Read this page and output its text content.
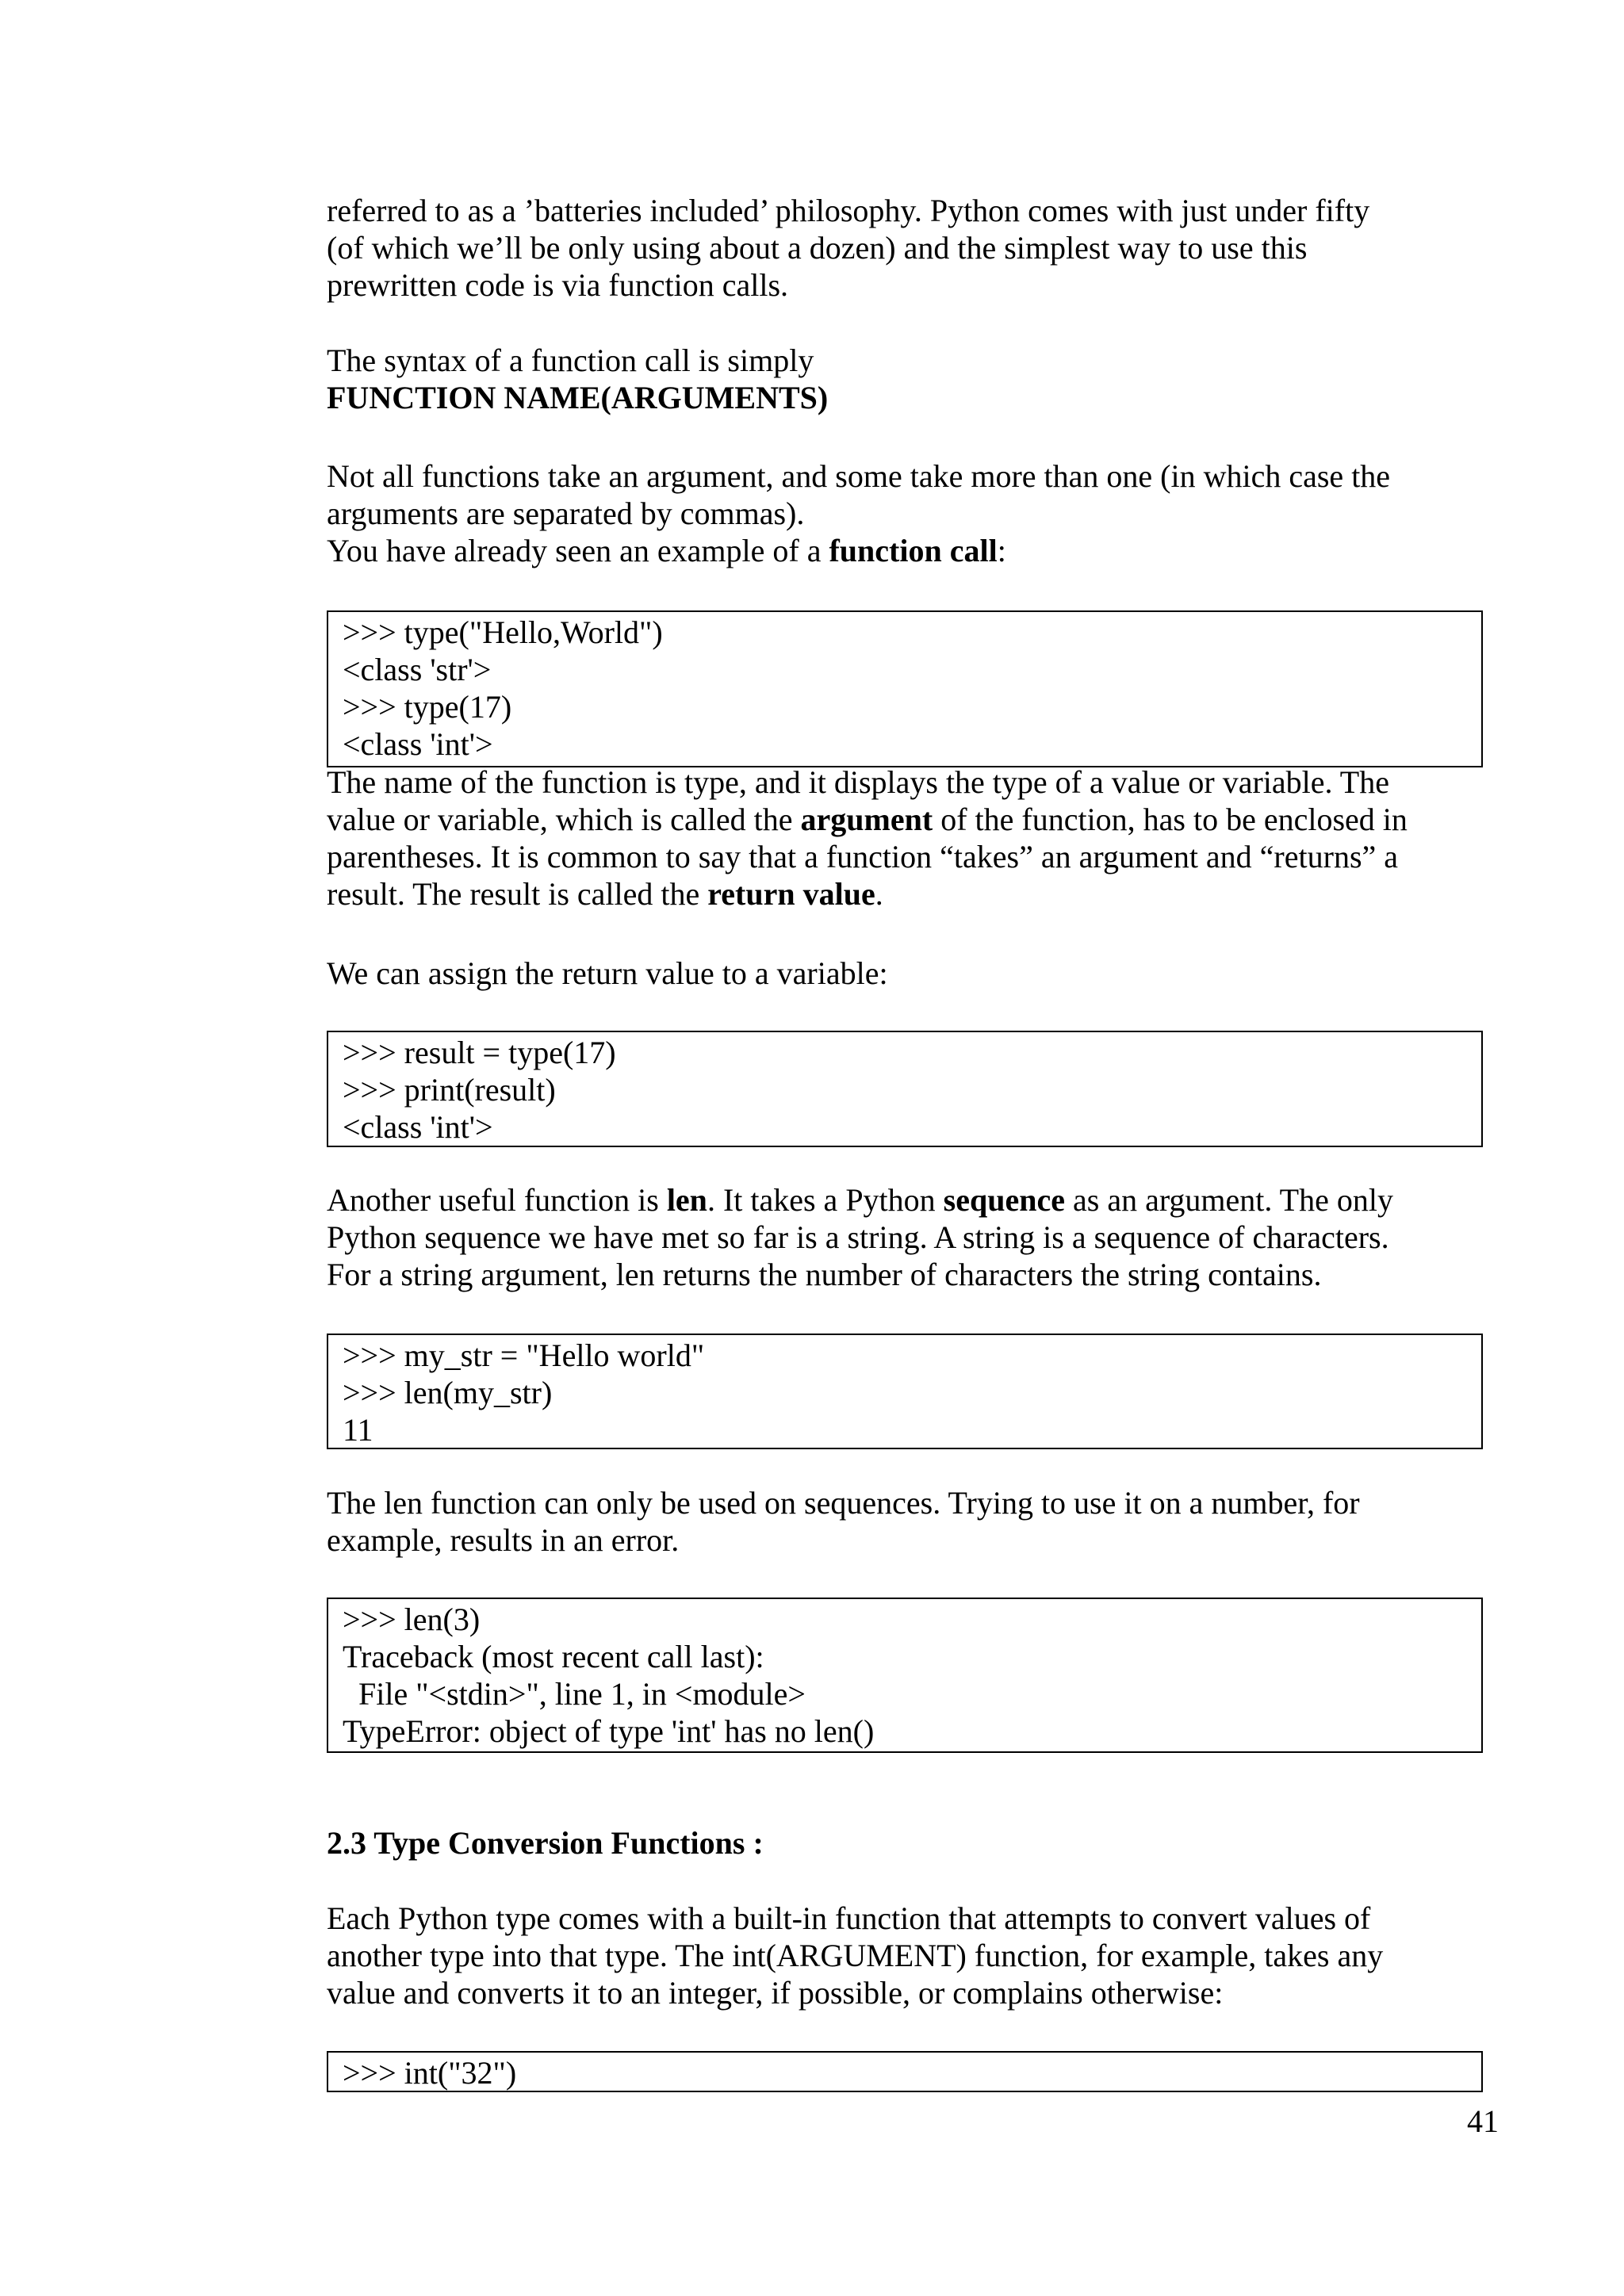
referred to as a ’batteries included’ philosophy. Python comes with just under fifty
(of which we’ll be only using about a dozen) and the simplest way to use this
prewritten code is via function calls.
The syntax of a function call is simply
FUNCTION NAME(ARGUMENTS)
Not all functions take an argument, and some take more than one (in which case the
arguments are separated by commas).
You have already seen an example of a function call:
>>> type("Hello,World")
<class 'str'>
>>> type(17)
<class 'int'>
The name of the function is type, and it displays the type of a value or variable. The
value or variable, which is called the argument of the function, has to be enclosed in
parentheses. It is common to say that a function “takes” an argument and “returns” a
result. The result is called the return value.
We can assign the return value to a variable:
>>> result = type(17)
>>> print(result)
<class 'int'>
Another useful function is len. It takes a Python sequence as an argument. The only
Python sequence we have met so far is a string. A string is a sequence of characters.
For a string argument, len returns the number of characters the string contains.
>>> my_str = "Hello world"
>>> len(my_str)
11
The len function can only be used on sequences. Trying to use it on a number, for
example, results in an error.
>>> len(3)
Traceback (most recent call last):
File "<stdin>", line 1, in <module>
TypeError: object of type 'int' has no len()
2.3 Type Conversion Functions :
Each Python type comes with a built-in function that attempts to convert values of
another type into that type. The int(ARGUMENT) function, for example, takes any
value and converts it to an integer, if possible, or complains otherwise:
>>> int("32")
41
